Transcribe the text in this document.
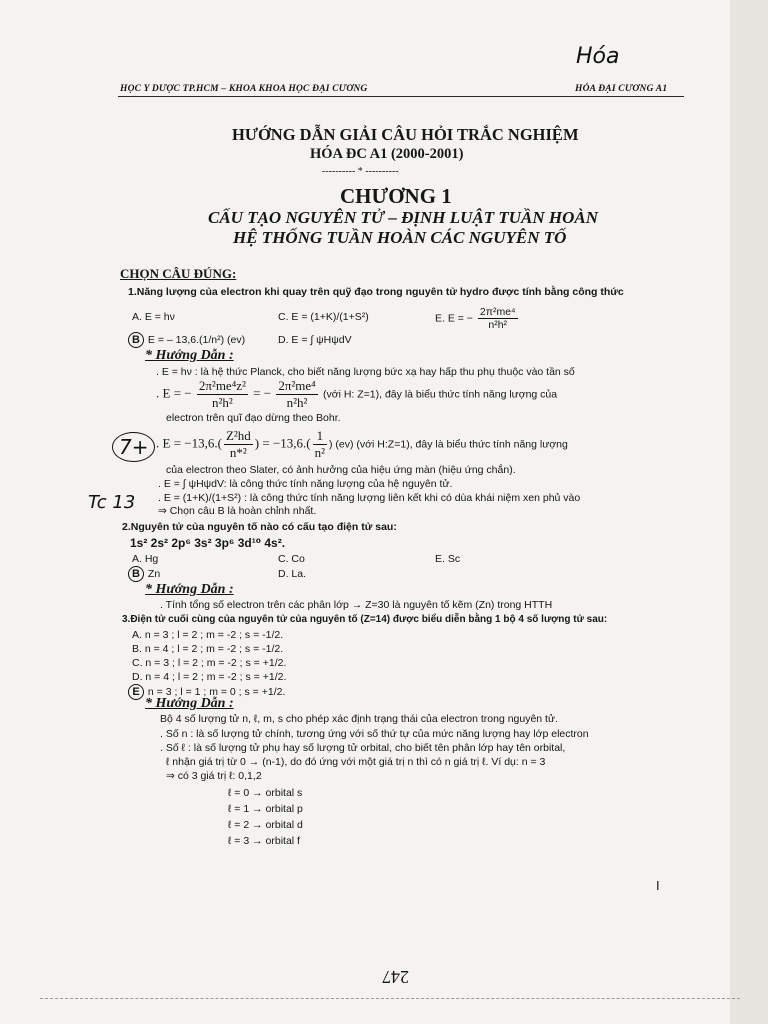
HỌC Y DƯỢC TP.HCM – KHOA KHOA HỌC ĐẠI CƯƠNG	HÓA ĐẠI CƯƠNG A1
Hóa
HƯỚNG DẪN GIẢI CÂU HỎI TRẮC NGHIỆM
HÓA ĐC A1 (2000-2001)
---------- * ----------
CHƯƠNG 1
CẤU TẠO NGUYÊN TỬ – ĐỊNH LUẬT TUẦN HOÀN
HỆ THỐNG TUẦN HOÀN CÁC NGUYÊN TỐ
CHỌN CÂU ĐÚNG:
1.Năng lượng của electron khi quay trên quỹ đạo trong nguyên tử hydro được tính bằng công thức
A. E = hν	C. E = (1+K)/(1+S²)	E. E = − $\frac{\text{2π²me⁴}}{\text{n²h²}}$
B E = – 13,6.(1/n²) (ev)	D. E = ∫ ψHψdV
* Hướng Dẫn :
. E = hν : là hệ thức Planck, cho biết năng lượng bức xạ hay hấp thu phụ thuộc vào tần số
. E = − $\frac{\text{2π²me⁴z²}}{\text{n²h²}}$ = − $\frac{\text{2π²me⁴}}{\text{n²h²}}$ (với H: Z=1), đây là biểu thức tính năng lượng của
electron trên quĩ đạo dừng theo Bohr.
. $E = -13,6.( \frac{\text{Z²hd}}{\text{n*²}}$ ) = $-13,6.( \frac{1}{\text{n²}}$ ) (ev) (với H:Z=1), đây là biểu thức tính năng lượng
của electron theo Slater, có ảnh hưởng của hiệu ứng màn (hiệu ứng chắn).
. E = ∫ ψHψdV: là công thức tính năng lượng của hệ nguyên tử.
. E = (1+K)/(1+S²) : là công thức tính năng lượng liên kết khi có dùa khái niệm xen phủ vào
⇒ Chọn câu B là hoàn chỉnh nhất.
7+
Tc 13
2.Nguyên tử của nguyên tố nào có cấu tạo điện tử sau:
1s² 2s² 2p⁶ 3s² 3p⁶ 3d¹⁰ 4s².
A. Hg	C. Co	E. Sc
B Zn	D. La.
* Hướng Dẫn :
. Tính tổng số electron trên các phân lớp → Z=30 là nguyên tố kẽm (Zn) trong HTTH
3.Điện tử cuối cùng của nguyên tử của nguyên tố (Z=14) được biểu diễn bằng 1 bộ 4 số lượng tử sau:
A. n = 3 ; l = 2 ; m = -2 ; s = -1/2.
B. n = 4 ; l = 2 ; m = -2 ; s = -1/2.
C. n = 3 ; l = 2 ; m = -2 ; s = +1/2.
D. n = 4 ; l = 2 ; m = -2 ; s = +1/2.
E n = 3 ; l = 1 ; m = 0 ; s = +1/2.
* Hướng Dẫn :
Bộ 4 số lượng tử n, ℓ, m, s cho phép xác định trạng thái của electron trong nguyên tử.
. Số n : là số lượng tử chính, tương ứng với số thứ tự của mức năng lượng hay lớp electron
. Số ℓ : là số lượng tử phụ hay số lượng tử orbital, cho biết tên phân lớp hay tên orbital,
ℓ nhận giá trị từ 0 → (n-1), do đó ứng với một giá trị n thì có n giá trị ℓ. Ví dụ: n = 3
⇒ có 3 giá trị ℓ: 0,1,2
ℓ = 0 → orbital s
ℓ = 1 → orbital p
ℓ = 2 → orbital d
ℓ = 3 → orbital f
I
247
